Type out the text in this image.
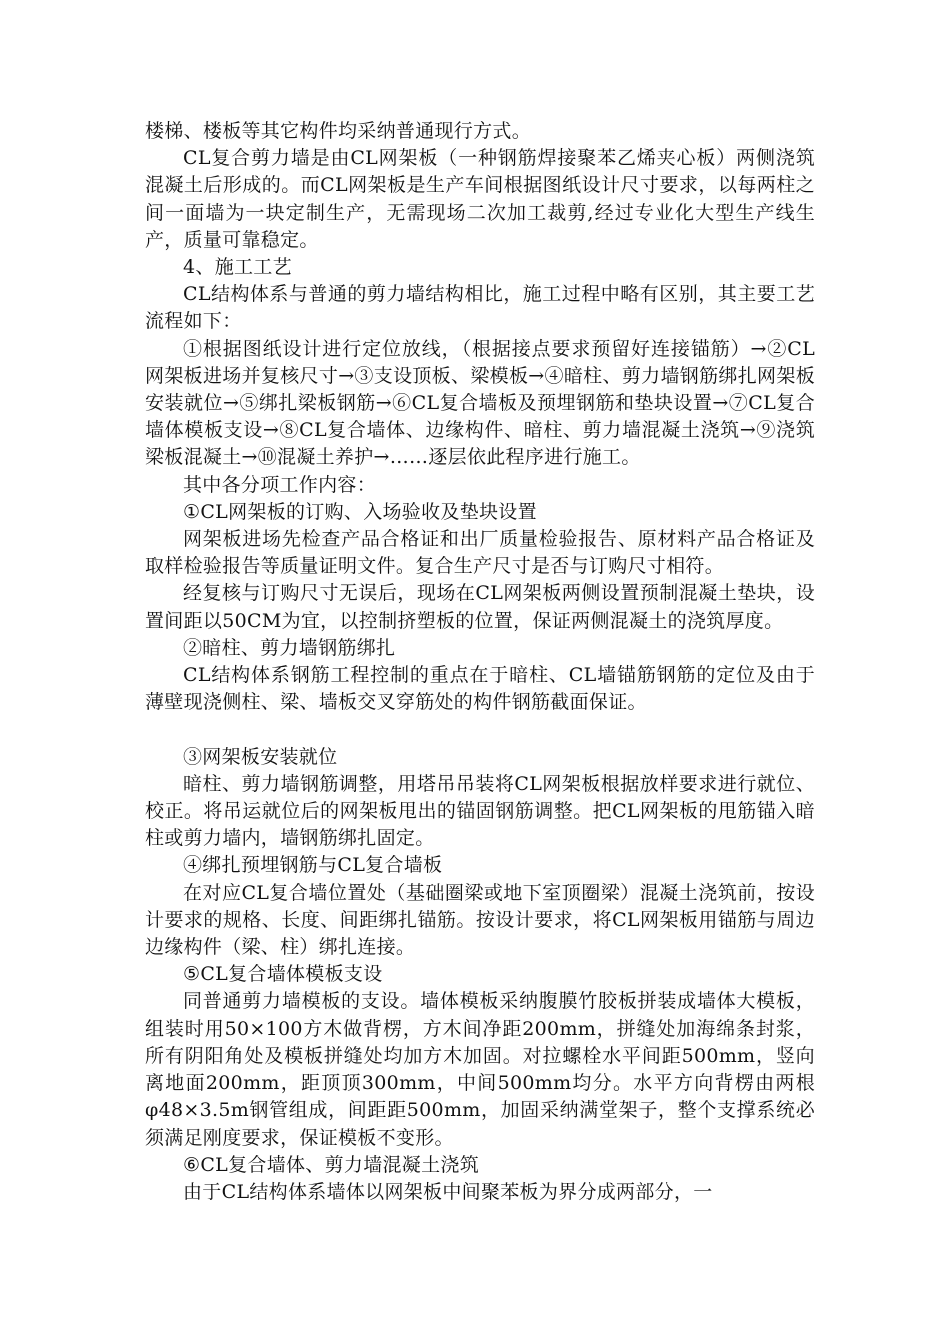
楼梯、楼板等其它构件均采纳普通现行方式。

CL复合剪力墙是由CL网架板（一种钢筋焊接聚苯乙烯夹心板）两侧浇筑混凝土后形成的。而CL网架板是生产车间根据图纸设计尺寸要求，以每两柱之间一面墙为一块定制生产，无需现场二次加工裁剪,经过专业化大型生产线生产，质量可靠稳定。

4、施工工艺

CL结构体系与普通的剪力墙结构相比，施工过程中略有区别，其主要工艺流程如下：

①根据图纸设计进行定位放线，（根据接点要求预留好连接锚筋）→②CL网架板进场并复核尺寸→③支设顶板、梁模板→④暗柱、剪力墙钢筋绑扎网架板安装就位→⑤绑扎梁板钢筋→⑥CL复合墙板及预埋钢筋和垫块设置→⑦CL复合墙体模板支设→⑧CL复合墙体、边缘构件、暗柱、剪力墙混凝土浇筑→⑨浇筑梁板混凝土→⑩混凝土养护→……逐层依此程序进行施工。

其中各分项工作内容：

①CL网架板的订购、入场验收及垫块设置

网架板进场先检查产品合格证和出厂质量检验报告、原材料产品合格证及取样检验报告等质量证明文件。复合生产尺寸是否与订购尺寸相符。

经复核与订购尺寸无误后，现场在CL网架板两侧设置预制混凝土垫块，设置间距以50CM为宜，以控制挤塑板的位置，保证两侧混凝土的浇筑厚度。

②暗柱、剪力墙钢筋绑扎

CL结构体系钢筋工程控制的重点在于暗柱、CL墙锚筋钢筋的定位及由于薄壁现浇侧柱、梁、墙板交叉穿筋处的构件钢筋截面保证。

③网架板安装就位

暗柱、剪力墙钢筋调整，用塔吊吊装将CL网架板根据放样要求进行就位、校正。将吊运就位后的网架板甩出的锚固钢筋调整。把CL网架板的甩筋锚入暗柱或剪力墙内，墙钢筋绑扎固定。

④绑扎预埋钢筋与CL复合墙板

在对应CL复合墙位置处（基础圈梁或地下室顶圈梁）混凝土浇筑前，按设计要求的规格、长度、间距绑扎锚筋。按设计要求，将CL网架板用锚筋与周边边缘构件（梁、柱）绑扎连接。

⑤CL复合墙体模板支设

同普通剪力墙模板的支设。墙体模板采纳腹膜竹胶板拼装成墙体大模板，组装时用50×100方木做背楞，方木间净距200mm，拼缝处加海绵条封浆，所有阴阳角处及模板拼缝处均加方木加固。对拉螺栓水平间距500mm，竖向离地面200mm，距顶顶300mm，中间500mm均分。水平方向背楞由两根φ48×3.5m钢管组成，间距距500mm，加固采纳满堂架子，整个支撑系统必须满足刚度要求，保证模板不变形。

⑥CL复合墙体、剪力墙混凝土浇筑

由于CL结构体系墙体以网架板中间聚苯板为界分成两部分，一
